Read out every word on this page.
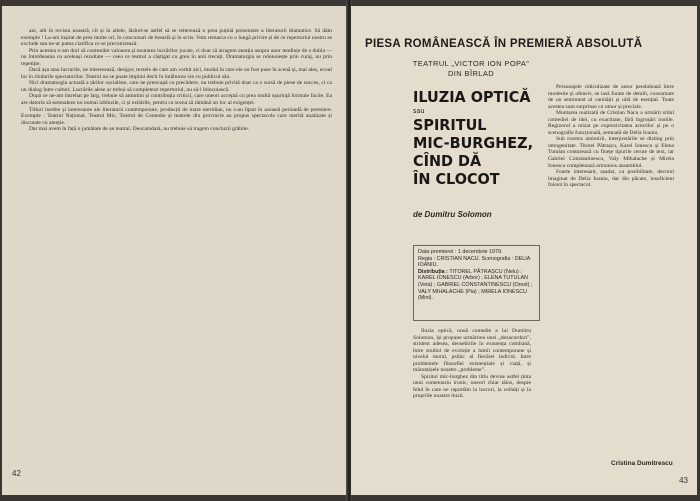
ani, atît în revista noastră, cît și în altele, lăsînd-se astfel să se reiterează o prea puțină prezentare a literaturii dramatice. Să dăm exemple ! La-am înșirat de prea multe ori, în concursuri de breaslă și în scris. Vom remarca cu o lungă privire și de ce repertoriul nostru se exclude sau ne-ar putea clarifica ce se preconizează.

Prin acestea n-am dori să contestăm valoarea și noutatea lucrărilor jucate, ci doar să atragem atenția asupra unor tendințe de a dubla — nu întotdeauna cu aceleași rezultate — ceea ce teatrul a câștigat cu greu în anii trecuți. Dramaturgia se reînnoiește prin curaj, nu prin repetiție.

Dacă așa stau lucrurile, ne interesează, desigur, textele de care am vorbit aici, modul în care ele au fost puse în scenă și, mai ales, ecoul lor în rîndurile spectatorilor. Teatrul nu se poate împlini decît în întâlnirea vie cu publicul său.

Nici dramaturgia actuală a țărilor socialiste, care ne preocupă cu precădere, nu trebuie privită doar ca o sursă de piese de succes, ci ca un dialog între culturi. Lucrările alese ar trebui să completeze repertoriul, nu să-l înlocuiască.

După ce ne-am întrebat pe larg, trebuie să amintim și contribuția criticii, care uneori acceptă cu prea multă ușurință formule facile. Ea are datoria să semnaleze nu numai izbînzile, ci și ezitările, pentru ca scena să rămână un loc al exigenței.

Titluri inedite și interesante ale literaturii contemporane, producții de mare meridian, nu s-au lipsit în această perioadă de premiere. Exemple : Teatrul Național, Teatrul Mic, Teatrul de Comedie și teatrele din provincie au propus spectacole care merită analizate și discutate cu atenție.

Dar mai avem în față o jumătate de an teatral. Deocamdată, nu trebuie să tragem concluzii grăbite.

42
PIESA ROMÂNEASCĂ ÎN PREMIERĂ ABSOLUTĂ
TEATRUL „VICTOR ION POPA”
DIN BÎRLAD
ILUZIA OPTICĂ
sau
SPIRITUL
MIC-BURGHEZ,
CÎND DĂ
ÎN CLOCOT
de Dumitru Solomon
Data premierei : 1 decembrie 1979.
Regia : CRISTIAN NACU. Scenografia : DELIA IOANIU.
Distribuția : TITOREL PĂTRAȘCU (Nelu) ; KAREL IONESCU (Arbor) ; ELENA TUTULAN (Veta) ; GABRIEL CONSTANTINESCU (Orest) ; VALY MIHALACHE (Pia) ; MIRELA IONESCU (Mini).

Iluzia optică, nouă comedie a lui Dumitru Solomon, își propune urmărirea unei „dezacorduri”, strident adesea, deosebirile în existența cotidiană, între studiul de evoluție a lumii contemporane și nivelul moral, psihic al fiecărei individ. Intre problemele filosofiei existențiale și viață, și mărunțișele noastre „probleme”.

Spiritul mic-burghez din titlu devine astfel ținta unui comentariu ironic, uneori chiar tăios, despre felul în care ne raportăm la lucruri, la ceilalți și la propriile noastre iluzii.

Personajele ridiculizate de autor pendulează între modestie și ofensiv, se lasă furate de detalii, consumate de un sentiment al vanității și uită de esențial. Toate acestea sunt surprinse cu umor și precizie.

Montarea realizată de Cristian Nacu a urmărit stilul comediei de idei, cu exactitate, fără îngroșări inutile. Regizorul a mizat pe expresivitatea actorilor și pe o scenografie funcțională, semnată de Delia Ioaniu.

Sub rozetra amintirii, interpretările se disting prin omogenitate. Titorel Pătrașcu, Karel Ionescu și Elena Tutulan conturează cu finețe tipurile cerute de text, iar Gabriel Constantinescu, Valy Mihalache și Mirela Ionescu completează armonios ansamblul.

Foarte interesant, așadar, ca posibilitate, decorul imaginat de Delia Ioaniu, dar din păcate, insuficient folosit în spectacol.

Cristina Dumitrescu
43
